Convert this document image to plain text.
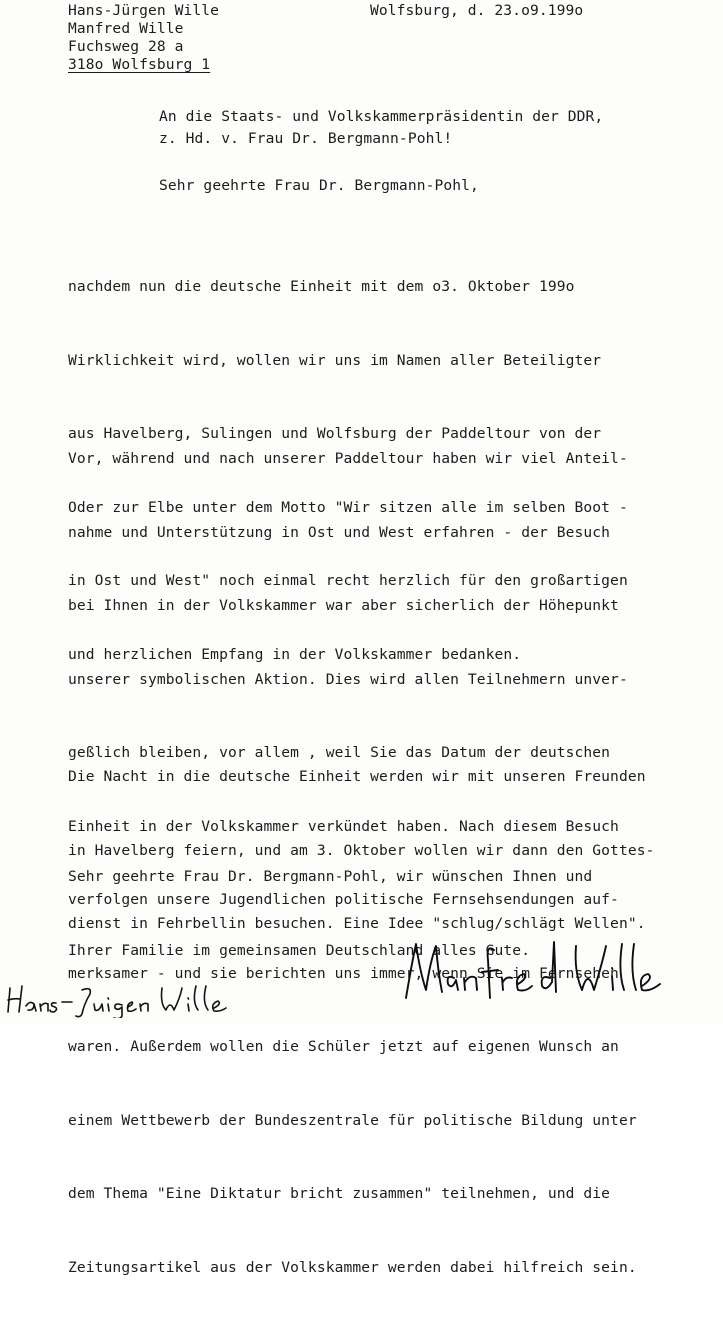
Hans-Jürgen Wille
Manfred Wille
Fuchsweg 28 a
318o Wolfsburg 1
Wolfsburg, d. 23.o9.199o
An die Staats- und Volkskammerpräsidentin der DDR,
z. Hd. v. Frau Dr. Bergmann-Pohl!
Sehr geehrte Frau Dr. Bergmann-Pohl,

nachdem nun die deutsche Einheit mit dem o3. Oktober 199o

Wirklichkeit wird, wollen wir uns im Namen aller Beteiligter

aus Havelberg, Sulingen und Wolfsburg der Paddeltour von der

Oder zur Elbe unter dem Motto "Wir sitzen alle im selben Boot -

in Ost und West" noch einmal recht herzlich für den großartigen

und herzlichen Empfang in der Volkskammer bedanken.

Vor, während und nach unserer Paddeltour haben wir viel Anteil-

nahme und Unterstützung in Ost und West erfahren - der Besuch

bei Ihnen in der Volkskammer war aber sicherlich der Höhepunkt

unserer symbolischen Aktion. Dies wird allen Teilnehmern unver-

geßlich bleiben, vor allem , weil Sie das Datum der deutschen

Einheit in der Volkskammer verkündet haben. Nach diesem Besuch

verfolgen unsere Jugendlichen politische Fernsehsendungen auf-

merksamer - und sie berichten uns immer, wenn Sie im Fernsehen

waren. Außerdem wollen die Schüler jetzt auf eigenen Wunsch an

einem Wettbewerb der Bundeszentrale für politische Bildung unter

dem Thema "Eine Diktatur bricht zusammen" teilnehmen, und die

Zeitungsartikel aus der Volkskammer werden dabei hilfreich sein.

Die Nacht in die deutsche Einheit werden wir mit unseren Freunden

in Havelberg feiern, und am 3. Oktober wollen wir dann den Gottes-

dienst in Fehrbellin besuchen. Eine Idee "schlug/schlägt Wellen".

Sehr geehrte Frau Dr. Bergmann-Pohl, wir wünschen Ihnen und

Ihrer Familie im gemeinsamen Deutschland alles Gute.
